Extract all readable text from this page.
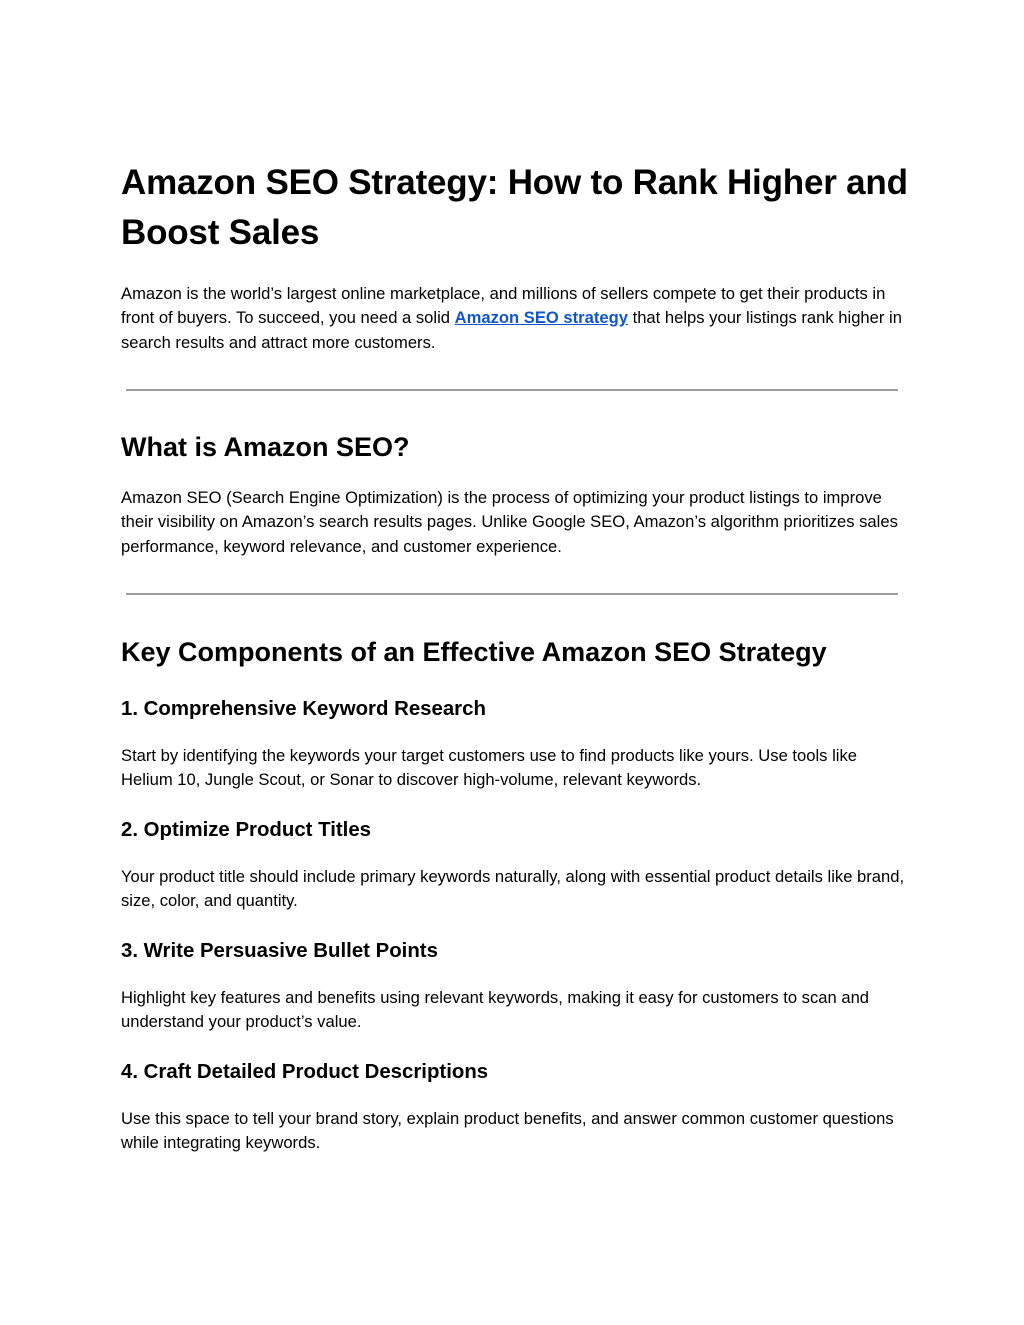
Amazon SEO Strategy: How to Rank Higher and Boost Sales

Amazon is the world’s largest online marketplace, and millions of sellers compete to get their products in front of buyers. To succeed, you need a solid Amazon SEO strategy that helps your listings rank higher in search results and attract more customers.

What is Amazon SEO?

Amazon SEO (Search Engine Optimization) is the process of optimizing your product listings to improve their visibility on Amazon’s search results pages. Unlike Google SEO, Amazon’s algorithm prioritizes sales performance, keyword relevance, and customer experience.

Key Components of an Effective Amazon SEO Strategy
1. Comprehensive Keyword Research

Start by identifying the keywords your target customers use to find products like yours. Use tools like Helium 10, Jungle Scout, or Sonar to discover high-volume, relevant keywords.

2. Optimize Product Titles

Your product title should include primary keywords naturally, along with essential product details like brand, size, color, and quantity.

3. Write Persuasive Bullet Points

Highlight key features and benefits using relevant keywords, making it easy for customers to scan and understand your product’s value.

4. Craft Detailed Product Descriptions

Use this space to tell your brand story, explain product benefits, and answer common customer questions while integrating keywords.
